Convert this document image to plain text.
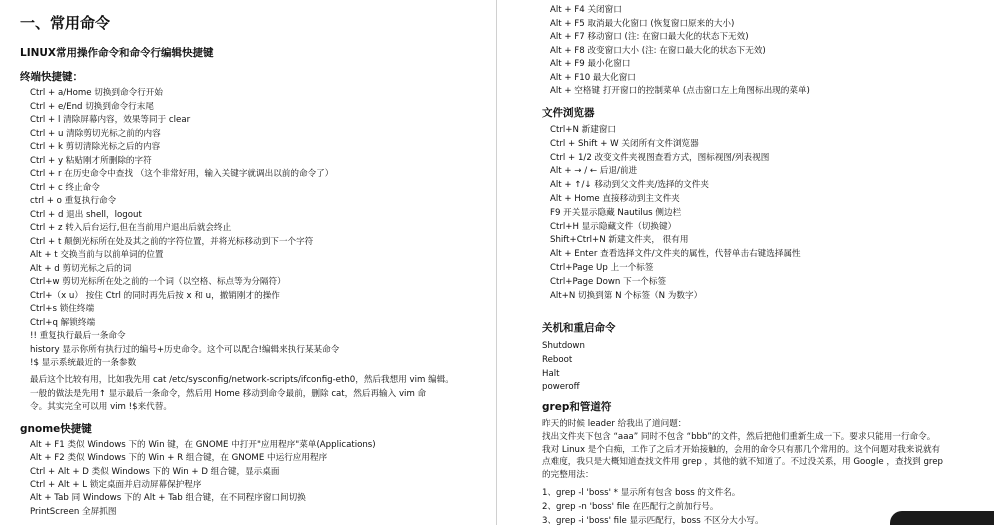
一、常用命令
LINUX常用操作命令和命令行编辑快捷键
终端快捷键：
Ctrl + a/Home 切换到命令行开始
Ctrl + e/End 切换到命令行末尾
Ctrl + l 清除屏幕内容，效果等同于 clear
Ctrl + u 清除剪切光标之前的内容
Ctrl + k 剪切清除光标之后的内容
Ctrl + y 粘贴刚才所删除的字符
Ctrl + r 在历史命令中查找 （这个非常好用，输入关键字就调出以前的命令了）
Ctrl + c 终止命令
ctrl + o 重复执行命令
Ctrl + d 退出 shell，logout
Ctrl + z 转入后台运行,但在当前用户退出后就会终止
Ctrl + t 颠倒光标所在处及其之前的字符位置，并将光标移动到下一个字符
Alt + t 交换当前与以前单词的位置
Alt + d 剪切光标之后的词
Ctrl+w 剪切光标所在处之前的一个词（以空格、标点等为分隔符）
Ctrl+（x u） 按住 Ctrl 的同时再先后按 x 和 u，撤销刚才的操作
Ctrl+s 锁住终端
Ctrl+q 解锁终端
!! 重复执行最后一条命令
history 显示你所有执行过的编号+历史命令。这个可以配合!编辑来执行某某命令
!$ 显示系统最近的一条参数
最后这个比较有用，比如我先用 cat /etc/sysconfig/network-scripts/ifconfig-eth0，然后我想用 vim 编辑。
一般的做法是先用↑ 显示最后一条命令，然后用 Home 移动到命令最前，删除 cat，然后再输入 vim 命
令。其实完全可以用 vim !$来代替。
gnome快捷键
Alt + F1 类似 Windows 下的 Win 键，在 GNOME 中打开"应用程序"菜单(Applications)
Alt + F2 类似 Windows 下的 Win + R 组合键，在 GNOME 中运行应用程序
Ctrl + Alt + D 类似 Windows 下的 Win + D 组合键，显示桌面
Ctrl + Alt + L 锁定桌面并启动屏幕保护程序
Alt + Tab 同 Windows 下的 Alt + Tab 组合键，在不同程序窗口间切换
PrintScreen 全屏抓图
Alt + F4 关闭窗口
Alt + F5 取消最大化窗口 (恢复窗口原来的大小)
Alt + F7 移动窗口 (注: 在窗口最大化的状态下无效)
Alt + F8 改变窗口大小 (注: 在窗口最大化的状态下无效)
Alt + F9 最小化窗口
Alt + F10 最大化窗口
Alt + 空格键 打开窗口的控制菜单 (点击窗口左上角图标出现的菜单)
文件浏览器
Ctrl+N 新建窗口
Ctrl + Shift + W 关闭所有文件浏览器
Ctrl + 1/2 改变文件夹视图查看方式，图标视图/列表视图
Alt + → / ← 后退/前进
Alt + ↑/↓ 移动到父文件夹/选择的文件夹
Alt + Home 直接移动到主文件夹
F9 开关显示隐藏 Nautilus 侧边栏
Ctrl+H 显示隐藏文件（切换键）
Shift+Ctrl+N 新建文件夹， 很有用
Alt + Enter 查看选择文件/文件夹的属性，代替单击右键选择属性
Ctrl+Page Up 上一个标签
Ctrl+Page Down 下一个标签
Alt+N 切换到第 N 个标签（N 为数字）
关机和重启命令
Shutdown
Reboot
Halt
poweroff
grep和管道符
昨天的时候 leader 给我出了道问题：
找出文件夹下包含 “aaa” 同时不包含 “bbb”的文件，然后把他们重新生成一下。要求只能用一行命令。
我对 Linux 是个白痴，工作了之后才开始接触的，会用的命令只有那几个常用的。这个问题对我来说就有
点难度，我只是大概知道查找文件用 grep ，其他的就不知道了。不过没关系，用 Google ，查找到 grep
的完整用法：
1、grep -l 'boss' * 显示所有包含 boss 的文件名。
2、grep -n 'boss' file 在匹配行之前加行号。
3、grep -i 'boss' file 显示匹配行，boss 不区分大小写。
